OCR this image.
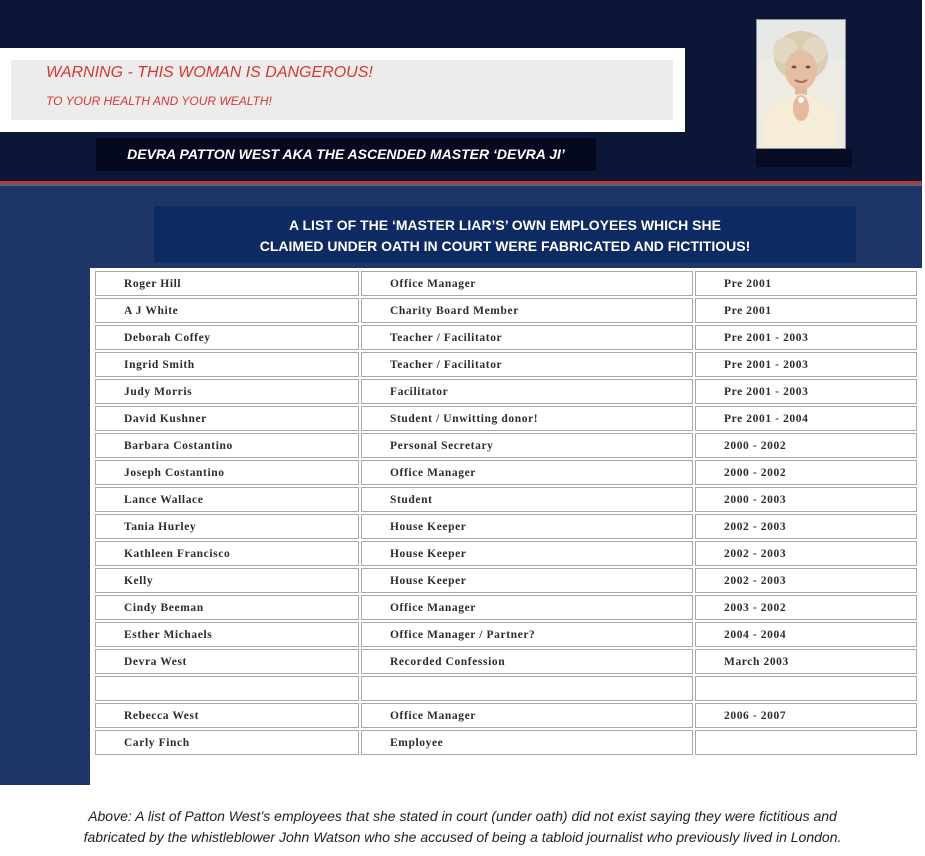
WARNING - THIS WOMAN IS DANGEROUS!
TO YOUR HEALTH AND YOUR WEALTH!
DEVRA PATTON WEST AKA THE ASCENDED MASTER ‘DEVRA JI’
A LIST OF THE ‘MASTER LIAR’S’ OWN EMPLOYEES WHICH SHE
CLAIMED UNDER OATH IN COURT WERE FABRICATED AND FICTITIOUS!
Roger Hill	Office Manager	Pre 2001
A J White	Charity Board Member	Pre 2001
Deborah Coffey	Teacher / Facilitator	Pre 2001 - 2003
Ingrid Smith	Teacher / Facilitator	Pre 2001 - 2003
Judy Morris	Facilitator	Pre 2001 - 2003
David Kushner	Student / Unwitting donor!	Pre 2001 - 2004
Barbara Costantino	Personal Secretary	2000 - 2002
Joseph Costantino	Office Manager	2000 - 2002
Lance Wallace	Student	2000 - 2003
Tania Hurley	House Keeper	2002 - 2003
Kathleen Francisco	House Keeper	2002 - 2003
Kelly	House Keeper	2002 - 2003
Cindy Beeman	Office Manager	2003 - 2002
Esther Michaels	Office Manager / Partner?	2004 - 2004
Devra West	Recorded Confession	March 2003

Rebecca West	Office Manager	2006 - 2007
Carly Finch	Employee	
Above: A list of Patton West’s employees that she stated in court (under oath) did not exist saying they were fictitious and
fabricated by the whistleblower John Watson who she accused of being a tabloid journalist who previously lived in London.
